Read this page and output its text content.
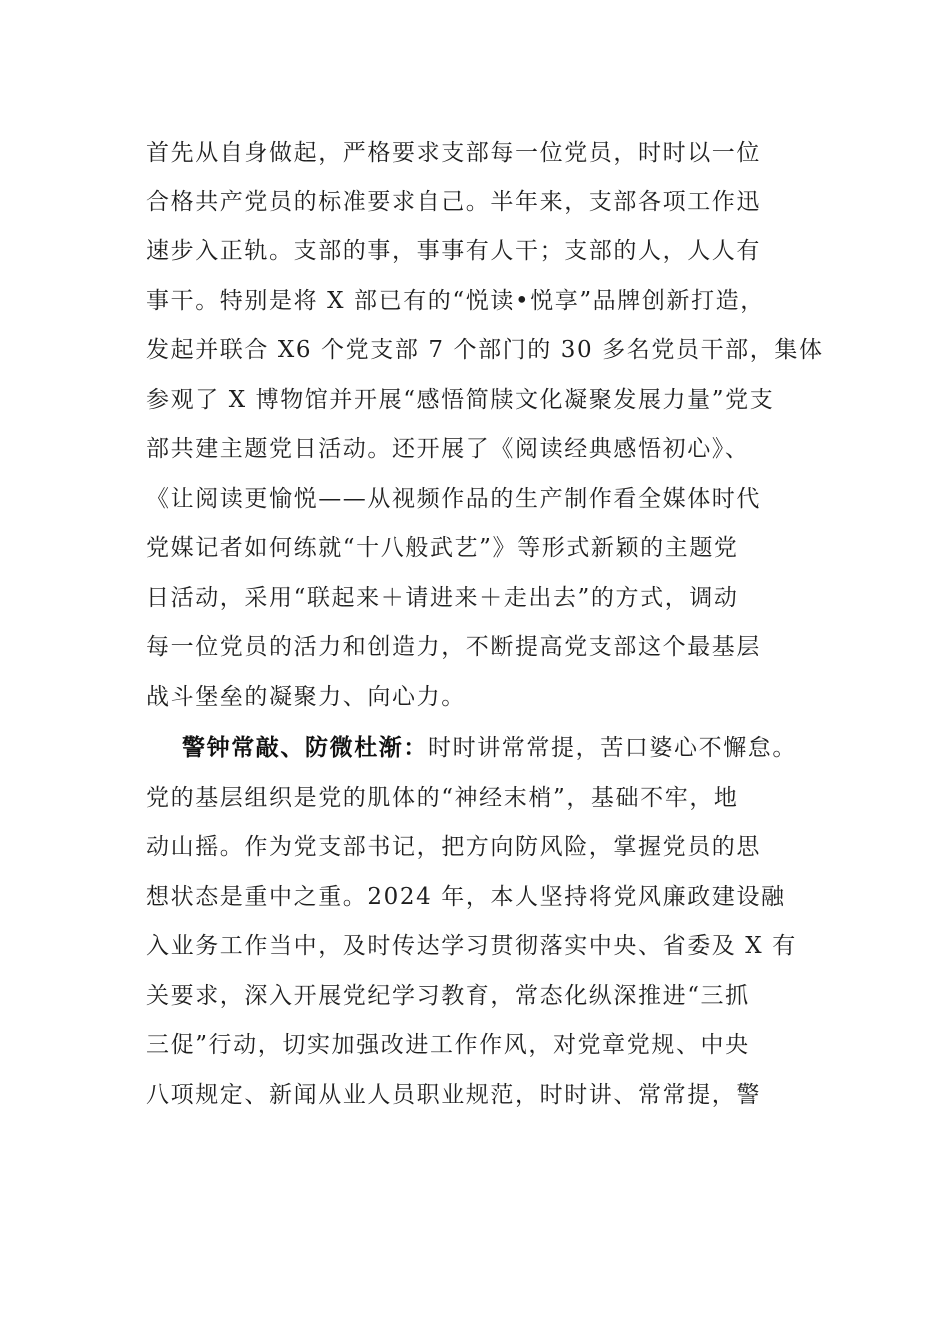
首先从自身做起，严格要求支部每一位党员，时时以一位
合格共产党员的标准要求自己。半年来，支部各项工作迅
速步入正轨。支部的事，事事有人干；支部的人，人人有
事干。特别是将 X 部已有的“悦读•悦享”品牌创新打造，
发起并联合 X6 个党支部 7 个部门的 30 多名党员干部，集体
参观了 X 博物馆并开展“感悟简牍文化凝聚发展力量”党支
部共建主题党日活动。还开展了《阅读经典感悟初心》、
《让阅读更愉悦——从视频作品的生产制作看全媒体时代
党媒记者如何练就“十八般武艺”》等形式新颖的主题党
日活动，采用“联起来＋请进来＋走出去”的方式，调动
每一位党员的活力和创造力，不断提高党支部这个最基层
战斗堡垒的凝聚力、向心力。
警钟常敲、防微杜渐：时时讲常常提，苦口婆心不懈怠。
党的基层组织是党的肌体的“神经末梢”，基础不牢，地
动山摇。作为党支部书记，把方向防风险，掌握党员的思
想状态是重中之重。2024 年，本人坚持将党风廉政建设融
入业务工作当中，及时传达学习贯彻落实中央、省委及 X 有
关要求，深入开展党纪学习教育，常态化纵深推进“三抓
三促”行动，切实加强改进工作作风，对党章党规、中央
八项规定、新闻从业人员职业规范，时时讲、常常提，警
